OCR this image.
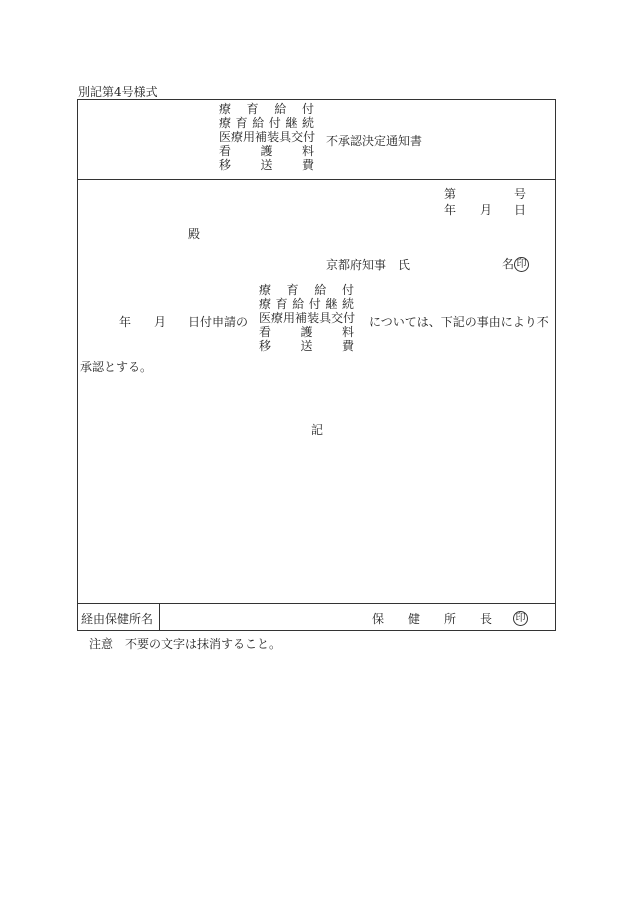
別記第4号様式
療 育 給 付
療 育 給 付 継 続
医 療 用 補 装 具 交 付
看 護 料
移 送 費
不承認決定通知書
第	号
年 月 日
殿
京都府知事　氏	名 印
療 育 給 付
療 育 給 付 継 続
医 療 用 補 装 具 交 付
看 護 料
移 送 費
年 月 日付申請の	については、下記の事由により不
承認とする。
記
経由保健所名	保 健 所 長 印
注意　不要の文字は抹消すること。
